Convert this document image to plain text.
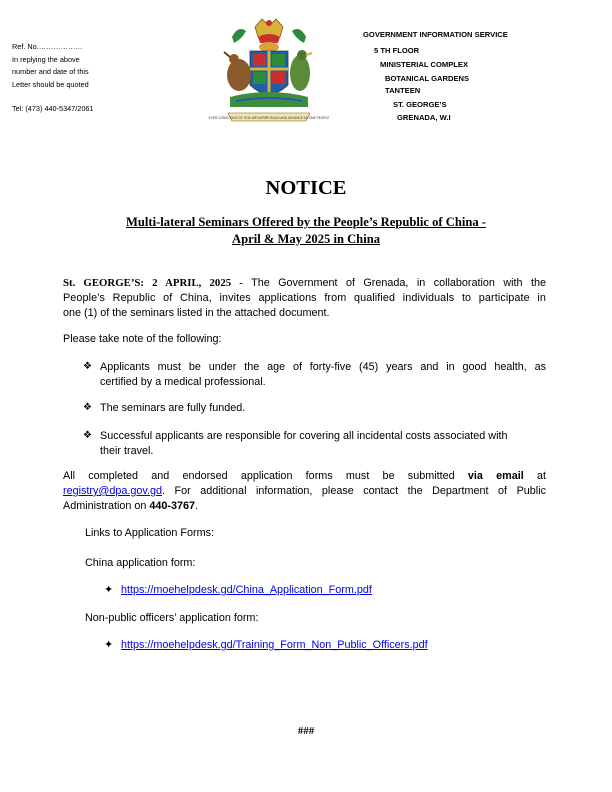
Ref. No.………………
In replying the above
number and date of this
Letter should be quoted
Tel: (473) 440-5347/2061
EVER CONSCIOUS OF GOD WE ASPIRE BUILD AND ADVANCE AS ONE PEOPLE
GOVERNMENT INFORMATION SERVICE
5 TH FLOOR
MINISTERIAL COMPLEX
BOTANICAL GARDENS
TANTEEN
ST. GEORGE’S
GRENADA, W.I
NOTICE
Multi-lateral Seminars Offered by the People’s Republic of China -
April & May 2025 in China
St. GEORGE’S: 2 APRIL, 2025 - The Government of Grenada, in collaboration with the
People’s Republic of China, invites applications from qualified individuals to participate in
one (1) of the seminars listed in the attached document.
Please take note of the following:
❖ Applicants must be under the age of forty-five (45) years and in good health, as
certified by a medical professional.
❖ The seminars are fully funded.
❖ Successful applicants are responsible for covering all incidental costs associated with
their travel.
All completed and endorsed application forms must be submitted via email at
registry@dpa.gov.gd. For additional information, please contact the Department of Public
Administration on 440-3767.
Links to Application Forms:
China application form:
✦ https://moehelpdesk.gd/China_Application_Form.pdf
Non-public officers’ application form:
✦ https://moehelpdesk.gd/Training_Form_Non_Public_Officers.pdf
###
